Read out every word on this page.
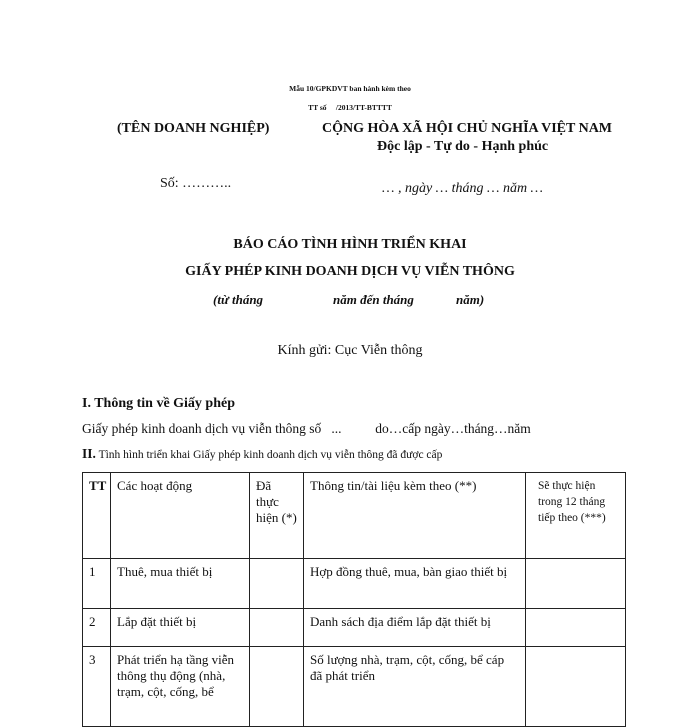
Mẫu 10/GPKDVT ban hành kèm theo
TT số     /2013/TT-BTTTT
(TÊN DOANH NGHIỆP)	CỘNG HÒA XÃ HỘI CHỦ NGHĨA VIỆT NAM
Độc lập - Tự do - Hạnh phúc
Số: ………..	… , ngày … tháng … năm …
BÁO CÁO TÌNH HÌNH TRIỂN KHAI
GIẤY PHÉP KINH DOANH DỊCH VỤ VIỄN THÔNG
(từ tháng	năm đến tháng	năm)
Kính gửi: Cục Viễn thông
I. Thông tin về Giấy phép
Giấy phép kinh doanh dịch vụ viễn thông số   ...          do…cấp ngày…tháng…năm
II. Tình hình triển khai Giấy phép kinh doanh dịch vụ viễn thông đã được cấp
TT	Các hoạt động	Đã thực hiện (*)	Thông tin/tài liệu kèm theo (**)	Sẽ thực hiện trong 12 tháng tiếp theo (***)
1	Thuê, mua thiết bị		Hợp đồng thuê, mua, bàn giao thiết bị	
2	Lắp đặt thiết bị		Danh sách địa điểm lắp đặt thiết bị	
3	Phát triển hạ tầng viễn thông thụ động (nhà, trạm, cột, cống, bể		Số lượng nhà, trạm, cột, cống, bể cáp đã phát triển	
